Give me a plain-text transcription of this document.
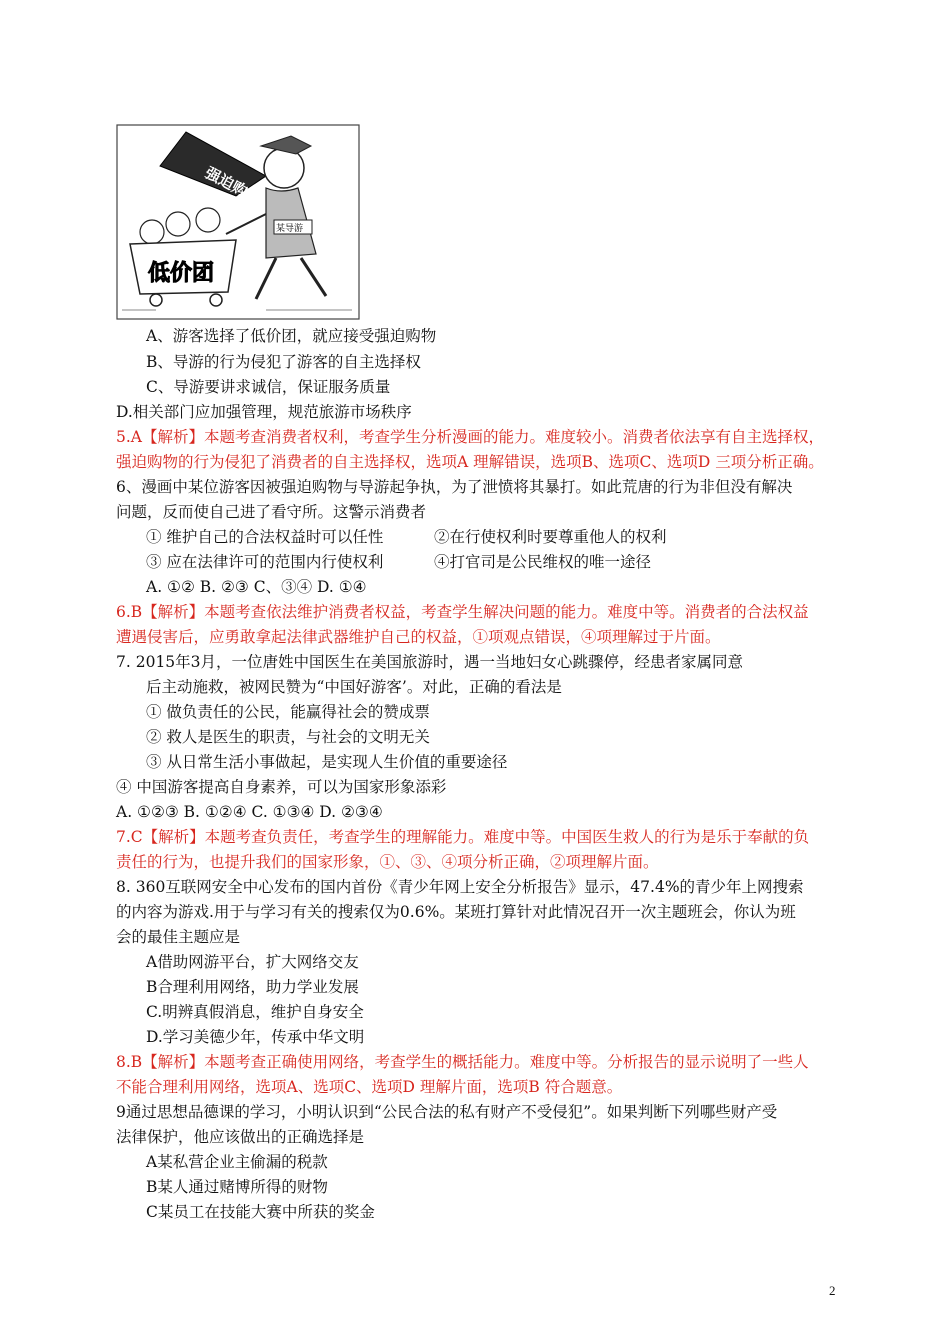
强迫购物
某导游
低价团
A、游客选择了低价团，就应接受强迫购物
B、导游的行为侵犯了游客的自主选择权
C、导游要讲求诚信，保证服务质量
D.相关部门应加强管理，规范旅游市场秩序
5.A【解析】本题考查消费者权利，考查学生分析漫画的能力。难度较小。消费者依法享有自主选择权，
强迫购物的行为侵犯了消费者的自主选择权，选项A 理解错误，选项B、选项C、选项D 三项分析正确。
6、漫画中某位游客因被强迫购物与导游起争执，为了泄愤将其暴打。如此荒唐的行为非但没有解决
问题，反而使自己进了看守所。这警示消费者
① 维护自己的合法权益时可以任性	②在行使权利时要尊重他人的权利
③ 应在法律许可的范围内行使权利	④打官司是公民维权的唯一途径
A. ①② B. ②③ C、③④ D. ①④
6.B【解析】本题考查依法维护消费者权益，考查学生解决问题的能力。难度中等。消费者的合法权益
遭遇侵害后，应勇敢拿起法律武器维护自己的权益，①项观点错误，④项理解过于片面。
7. 2015年3月，一位唐姓中国医生在美国旅游时，遇一当地妇女心跳骤停，经患者家属同意
后主动施救，被网民赞为“中国好游客’。对此，正确的看法是
① 做负责任的公民，能赢得社会的赞成票
② 救人是医生的职责，与社会的文明无关
③ 从日常生活小事做起，是实现人生价值的重要途径
④ 中国游客提高自身素养，可以为国家形象添彩
A. ①②③ B. ①②④ C. ①③④ D. ②③④
7.C【解析】本题考查负责任，考查学生的理解能力。难度中等。中国医生救人的行为是乐于奉献的负
责任的行为，也提升我们的国家形象，①、③、④项分析正确，②项理解片面。
8. 360互联网安全中心发布的国内首份《青少年网上安全分析报告》显示，47.4%的青少年上网搜索
的内容为游戏.用于与学习有关的搜索仅为0.6%。某班打算针对此情况召开一次主题班会，你认为班
会的最佳主题应是
A借助网游平台，扩大网络交友
B合理利用网络，助力学业发展
C.明辨真假消息，维护自身安全
D.学习美德少年，传承中华文明
8.B【解析】本题考查正确使用网络，考查学生的概括能力。难度中等。分析报告的显示说明了一些人
不能合理利用网络，选项A、选项C、选项D 理解片面，选项B 符合题意。
9通过思想品德课的学习，小明认识到“公民合法的私有财产不受侵犯”。如果判断下列哪些财产受
法律保护，他应该做出的正确选择是
A某私营企业主偷漏的税款
B某人通过赌博所得的财物
C某员工在技能大赛中所获的奖金
2
